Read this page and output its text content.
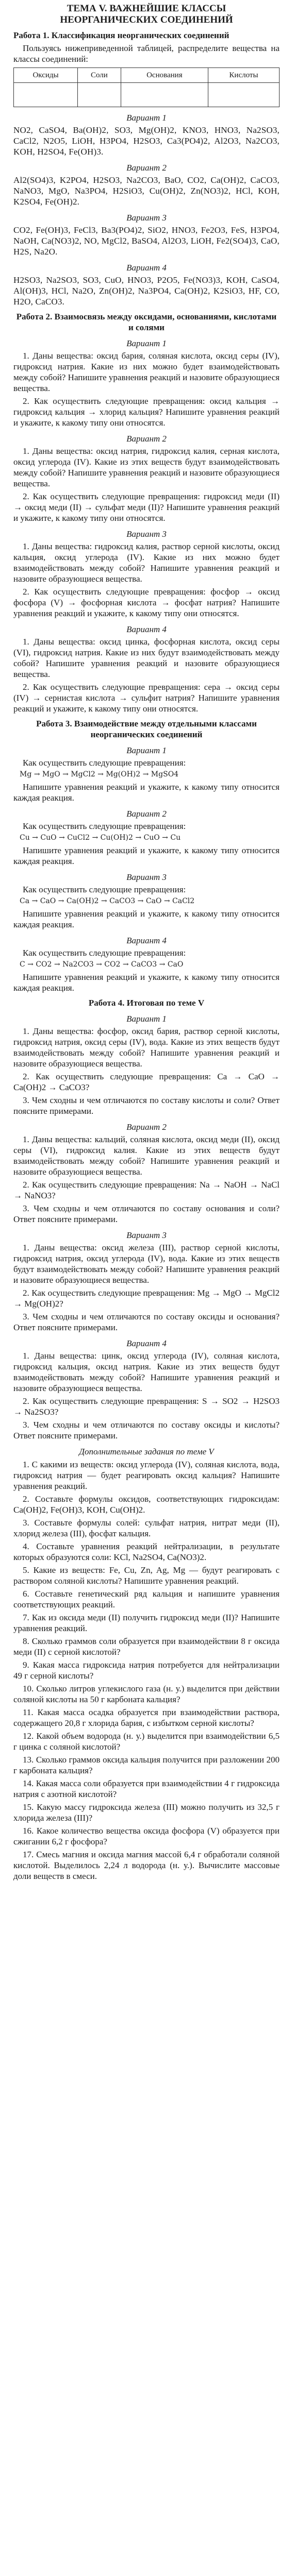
ТЕМА V. ВАЖНЕЙШИЕ КЛАССЫ

НЕОРГАНИЧЕСКИХ СОЕДИНЕНИЙ

Работа 1. Классификация неорганических соединений

Пользуясь нижеприведенной таблицей, распределите вещества на классы соединений:

Оксиды	Соли	Основания	Кислоты

Вариант 1

NO2, CaSO4, Ba(OH)2, SO3, Mg(OH)2, KNO3, HNO3, Na2SO3, CaCl2, N2O5, LiOH, H3PO4, H2SO3, Ca3(PO4)2, Al2O3, Na2CO3, KOH, H2SO4, Fe(OH)3.

Вариант 2

Al2(SO4)3, K2PO4, H2SO3, Na2CO3, BaO, CO2, Ca(OH)2, CaCO3, NaNO3, MgO, Na3PO4, H2SiO3, Cu(OH)2, Zn(NO3)2, HCl, KOH, K2SO4, Fe(OH)2.

Вариант 3

CO2, Fe(OH)3, FeCl3, Ba3(PO4)2, SiO2, HNO3, Fe2O3, FeS, H3PO4, NaOH, Ca(NO3)2, NO, MgCl2, BaSO4, Al2O3, LiOH, Fe2(SO4)3, CaO, H2S, Na2O.

Вариант 4

H2SO3, Na2SO3, SO3, CuO, HNO3, P2O5, Fe(NO3)3, KOH, CaSO4, Al(OH)3, HCl, Na2O, Zn(OH)2, Na3PO4, Ca(OH)2, K2SiO3, HF, CO, H2O, CaCO3.

Работа 2. Взаимосвязь между оксидами, основаниями, кислотами и солями

Вариант 1

1. Даны вещества: оксид бария, соляная кислота, оксид серы (IV), гидроксид натрия. Какие из них можно будет взаимодействовать между собой? Напишите уравнения реакций и назовите образующиеся вещества.

2. Как осуществить следующие превращения: оксид кальция → гидроксид кальция → хлорид кальция? Напишите уравнения реакций и укажите, к какому типу они относятся.

Вариант 2

1. Даны вещества: оксид натрия, гидроксид калия, серная кислота, оксид углерода (IV). Какие из этих веществ будут взаимодействовать между собой? Напишите уравнения реакций и назовите образующиеся вещества.

2. Как осуществить следующие превращения: гидроксид меди (II) → оксид меди (II) → сульфат меди (II)? Напишите уравнения реакций и укажите, к какому типу они относятся.

Вариант 3

1. Даны вещества: гидроксид калия, раствор серной кислоты, оксид кальция, оксид углерода (IV). Какие из них можно будет взаимодействовать между собой? Напишите уравнения реакций и назовите образующиеся вещества.

2. Как осуществить следующие превращения: фосфор → оксид фосфора (V) → фосфорная кислота → фосфат натрия? Напишите уравнения реакций и укажите, к какому типу они относятся.

Вариант 4

1. Даны вещества: оксид цинка, фосфорная кислота, оксид серы (VI), гидроксид натрия. Какие из них будут взаимодействовать между собой? Напишите уравнения реакций и назовите образующиеся вещества.

2. Как осуществить следующие превращения: сера → оксид серы (IV) → сернистая кислота → сульфит натрия? Напишите уравнения реакций и укажите, к какому типу они относятся.

Работа 3. Взаимодействие между отдельными классами неорганических соединений

Вариант 1

Как осуществить следующие превращения:

Mg → MgO → MgCl2 → Mg(OH)2 → MgSO4

Напишите уравнения реакций и укажите, к какому типу относится каждая реакция.

Вариант 2

Как осуществить следующие превращения:

Cu → CuO → CuCl2 → Cu(OH)2 → CuO → Cu

Напишите уравнения реакций и укажите, к какому типу относится каждая реакция.

Вариант 3

Как осуществить следующие превращения:

Ca → CaO → Ca(OH)2 → CaCO3 → CaO → CaCl2

Напишите уравнения реакций и укажите, к какому типу относится каждая реакция.

Вариант 4

Как осуществить следующие превращения:

C → CO2 → Na2CO3 → CO2 → CaCO3 → CaO

Напишите уравнения реакций и укажите, к какому типу относится каждая реакция.

Работа 4. Итоговая по теме V

Вариант 1

1. Даны вещества: фосфор, оксид бария, раствор серной кислоты, гидроксид натрия, оксид серы (IV), вода. Какие из этих веществ будут взаимодействовать между собой? Напишите уравнения реакций и назовите образующиеся вещества.

2. Как осуществить следующие превращения: Ca → CaO → Ca(OH)2 → CaCO3?

3. Чем сходны и чем отличаются по составу кислоты и соли? Ответ поясните примерами.

Вариант 2

1. Даны вещества: кальций, соляная кислота, оксид меди (II), оксид серы (VI), гидроксид калия. Какие из этих веществ будут взаимодействовать между собой? Напишите уравнения реакций и назовите образующиеся вещества.

2. Как осуществить следующие превращения: Na → NaOH → NaCl → NaNO3?

3. Чем сходны и чем отличаются по составу основания и соли? Ответ поясните примерами.

Вариант 3

1. Даны вещества: оксид железа (III), раствор серной кислоты, гидроксид натрия, оксид углерода (IV), вода. Какие из этих веществ будут взаимодействовать между собой? Напишите уравнения реакций и назовите образующиеся вещества.

2. Как осуществить следующие превращения: Mg → MgO → MgCl2 → Mg(OH)2?

3. Чем сходны и чем отличаются по составу оксиды и основания? Ответ поясните примерами.

Вариант 4

1. Даны вещества: цинк, оксид углерода (IV), соляная кислота, гидроксид кальция, оксид натрия. Какие из этих веществ будут взаимодействовать между собой? Напишите уравнения реакций и назовите образующиеся вещества.

2. Как осуществить следующие превращения: S → SO2 → H2SO3 → Na2SO3?

3. Чем сходны и чем отличаются по составу оксиды и кислоты? Ответ поясните примерами.

Дополнительные задания по теме V

1. С какими из веществ: оксид углерода (IV), соляная кислота, вода, гидроксид натрия — будет реагировать оксид кальция? Напишите уравнения реакций.

2. Составьте формулы оксидов, соответствующих гидроксидам: Ca(OH)2, Fe(OH)3, KOH, Cu(OH)2.

3. Составьте формулы солей: сульфат натрия, нитрат меди (II), хлорид железа (III), фосфат кальция.

4. Составьте уравнения реакций нейтрализации, в результате которых образуются соли: KCl, Na2SO4, Ca(NO3)2.

5. Какие из веществ: Fe, Cu, Zn, Ag, Mg — будут реагировать с раствором соляной кислоты? Напишите уравнения реакций.

6. Составьте генетический ряд кальция и напишите уравнения соответствующих реакций.

7. Как из оксида меди (II) получить гидроксид меди (II)? Напишите уравнения реакций.

8. Сколько граммов соли образуется при взаимодействии 8 г оксида меди (II) с серной кислотой?

9. Какая масса гидроксида натрия потребуется для нейтрализации 49 г серной кислоты?

10. Сколько литров углекислого газа (н. у.) выделится при действии соляной кислоты на 50 г карбоната кальция?

11. Какая масса осадка образуется при взаимодействии раствора, содержащего 20,8 г хлорида бария, с избытком серной кислоты?

12. Какой объем водорода (н. у.) выделится при взаимодействии 6,5 г цинка с соляной кислотой?

13. Сколько граммов оксида кальция получится при разложении 200 г карбоната кальция?

14. Какая масса соли образуется при взаимодействии 4 г гидроксида натрия с азотной кислотой?

15. Какую массу гидроксида железа (III) можно получить из 32,5 г хлорида железа (III)?

16. Какое количество вещества оксида фосфора (V) образуется при сжигании 6,2 г фосфора?

17. Смесь магния и оксида магния массой 6,4 г обработали соляной кислотой. Выделилось 2,24 л водорода (н. у.). Вычислите массовые доли веществ в смеси.
